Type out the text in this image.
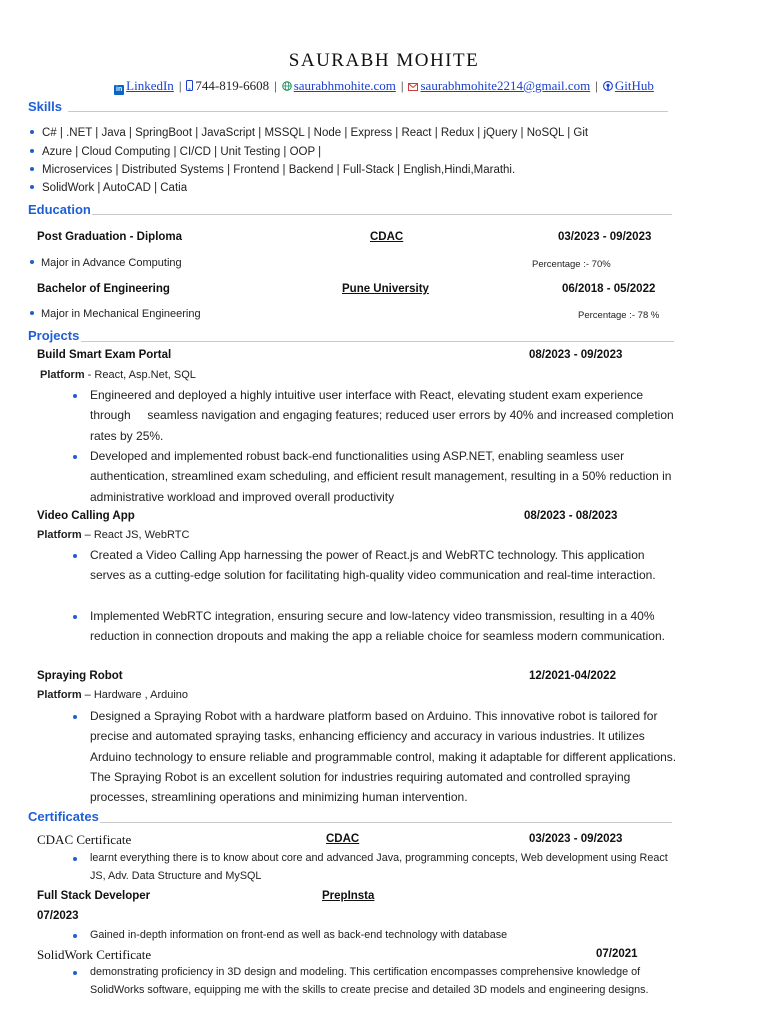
SAURABH MOHITE
in LinkedIn | 744-819-6608 | saurabhmohite.com | saurabhmohite2214@gmail.com | GitHub
Skills
C# | .NET | Java | SpringBoot | JavaScript | MSSQL | Node | Express | React | Redux | jQuery | NoSQL | Git
Azure | Cloud Computing | CI/CD | Unit Testing | OOP |
Microservices | Distributed Systems | Frontend | Backend | Full-Stack | English,Hindi,Marathi.
SolidWork | AutoCAD | Catia
Education
Post Graduation - Diploma	CDAC	03/2023 - 09/2023
Major in Advance Computing	Percentage :- 70%
Bachelor of Engineering	Pune University	06/2018 - 05/2022
Major in Mechanical Engineering	Percentage :- 78 %
Projects
Build Smart Exam Portal	08/2023 - 09/2023
Platform - React, Asp.Net, SQL
Engineered and deployed a highly intuitive user interface with React, elevating student exam experience through     seamless navigation and engaging features; reduced user errors by 40% and increased completion rates by 25%.
Developed and implemented robust back-end functionalities using ASP.NET, enabling seamless user authentication, streamlined exam scheduling, and efficient result management, resulting in a 50% reduction in administrative workload and improved overall productivity
Video Calling App	08/2023 - 08/2023
Platform – React JS, WebRTC
Created a Video Calling App harnessing the power of React.js and WebRTC technology. This application serves as a cutting-edge solution for facilitating high-quality video communication and real-time interaction.
Implemented WebRTC integration, ensuring secure and low-latency video transmission, resulting in a 40% reduction in connection dropouts and making the app a reliable choice for seamless modern communication.
Spraying Robot	12/2021-04/2022
Platform – Hardware , Arduino
Designed a Spraying Robot with a hardware platform based on Arduino. This innovative robot is tailored for precise and automated spraying tasks, enhancing efficiency and accuracy in various industries. It utilizes Arduino technology to ensure reliable and programmable control, making it adaptable for different applications. The Spraying Robot is an excellent solution for industries requiring automated and controlled spraying processes, streamlining operations and minimizing human intervention.
Certificates
CDAC Certificate	CDAC	03/2023 - 09/2023
learnt everything there is to know about core and advanced Java, programming concepts, Web development using React JS, Adv. Data Structure and MySQL
Full Stack Developer	PrepInsta
07/2023
Gained in-depth information on front-end as well as back-end technology with database
SolidWork Certificate	07/2021
demonstrating proficiency in 3D design and modeling. This certification encompasses comprehensive knowledge of SolidWorks software, equipping me with the skills to create precise and detailed 3D models and engineering designs.
